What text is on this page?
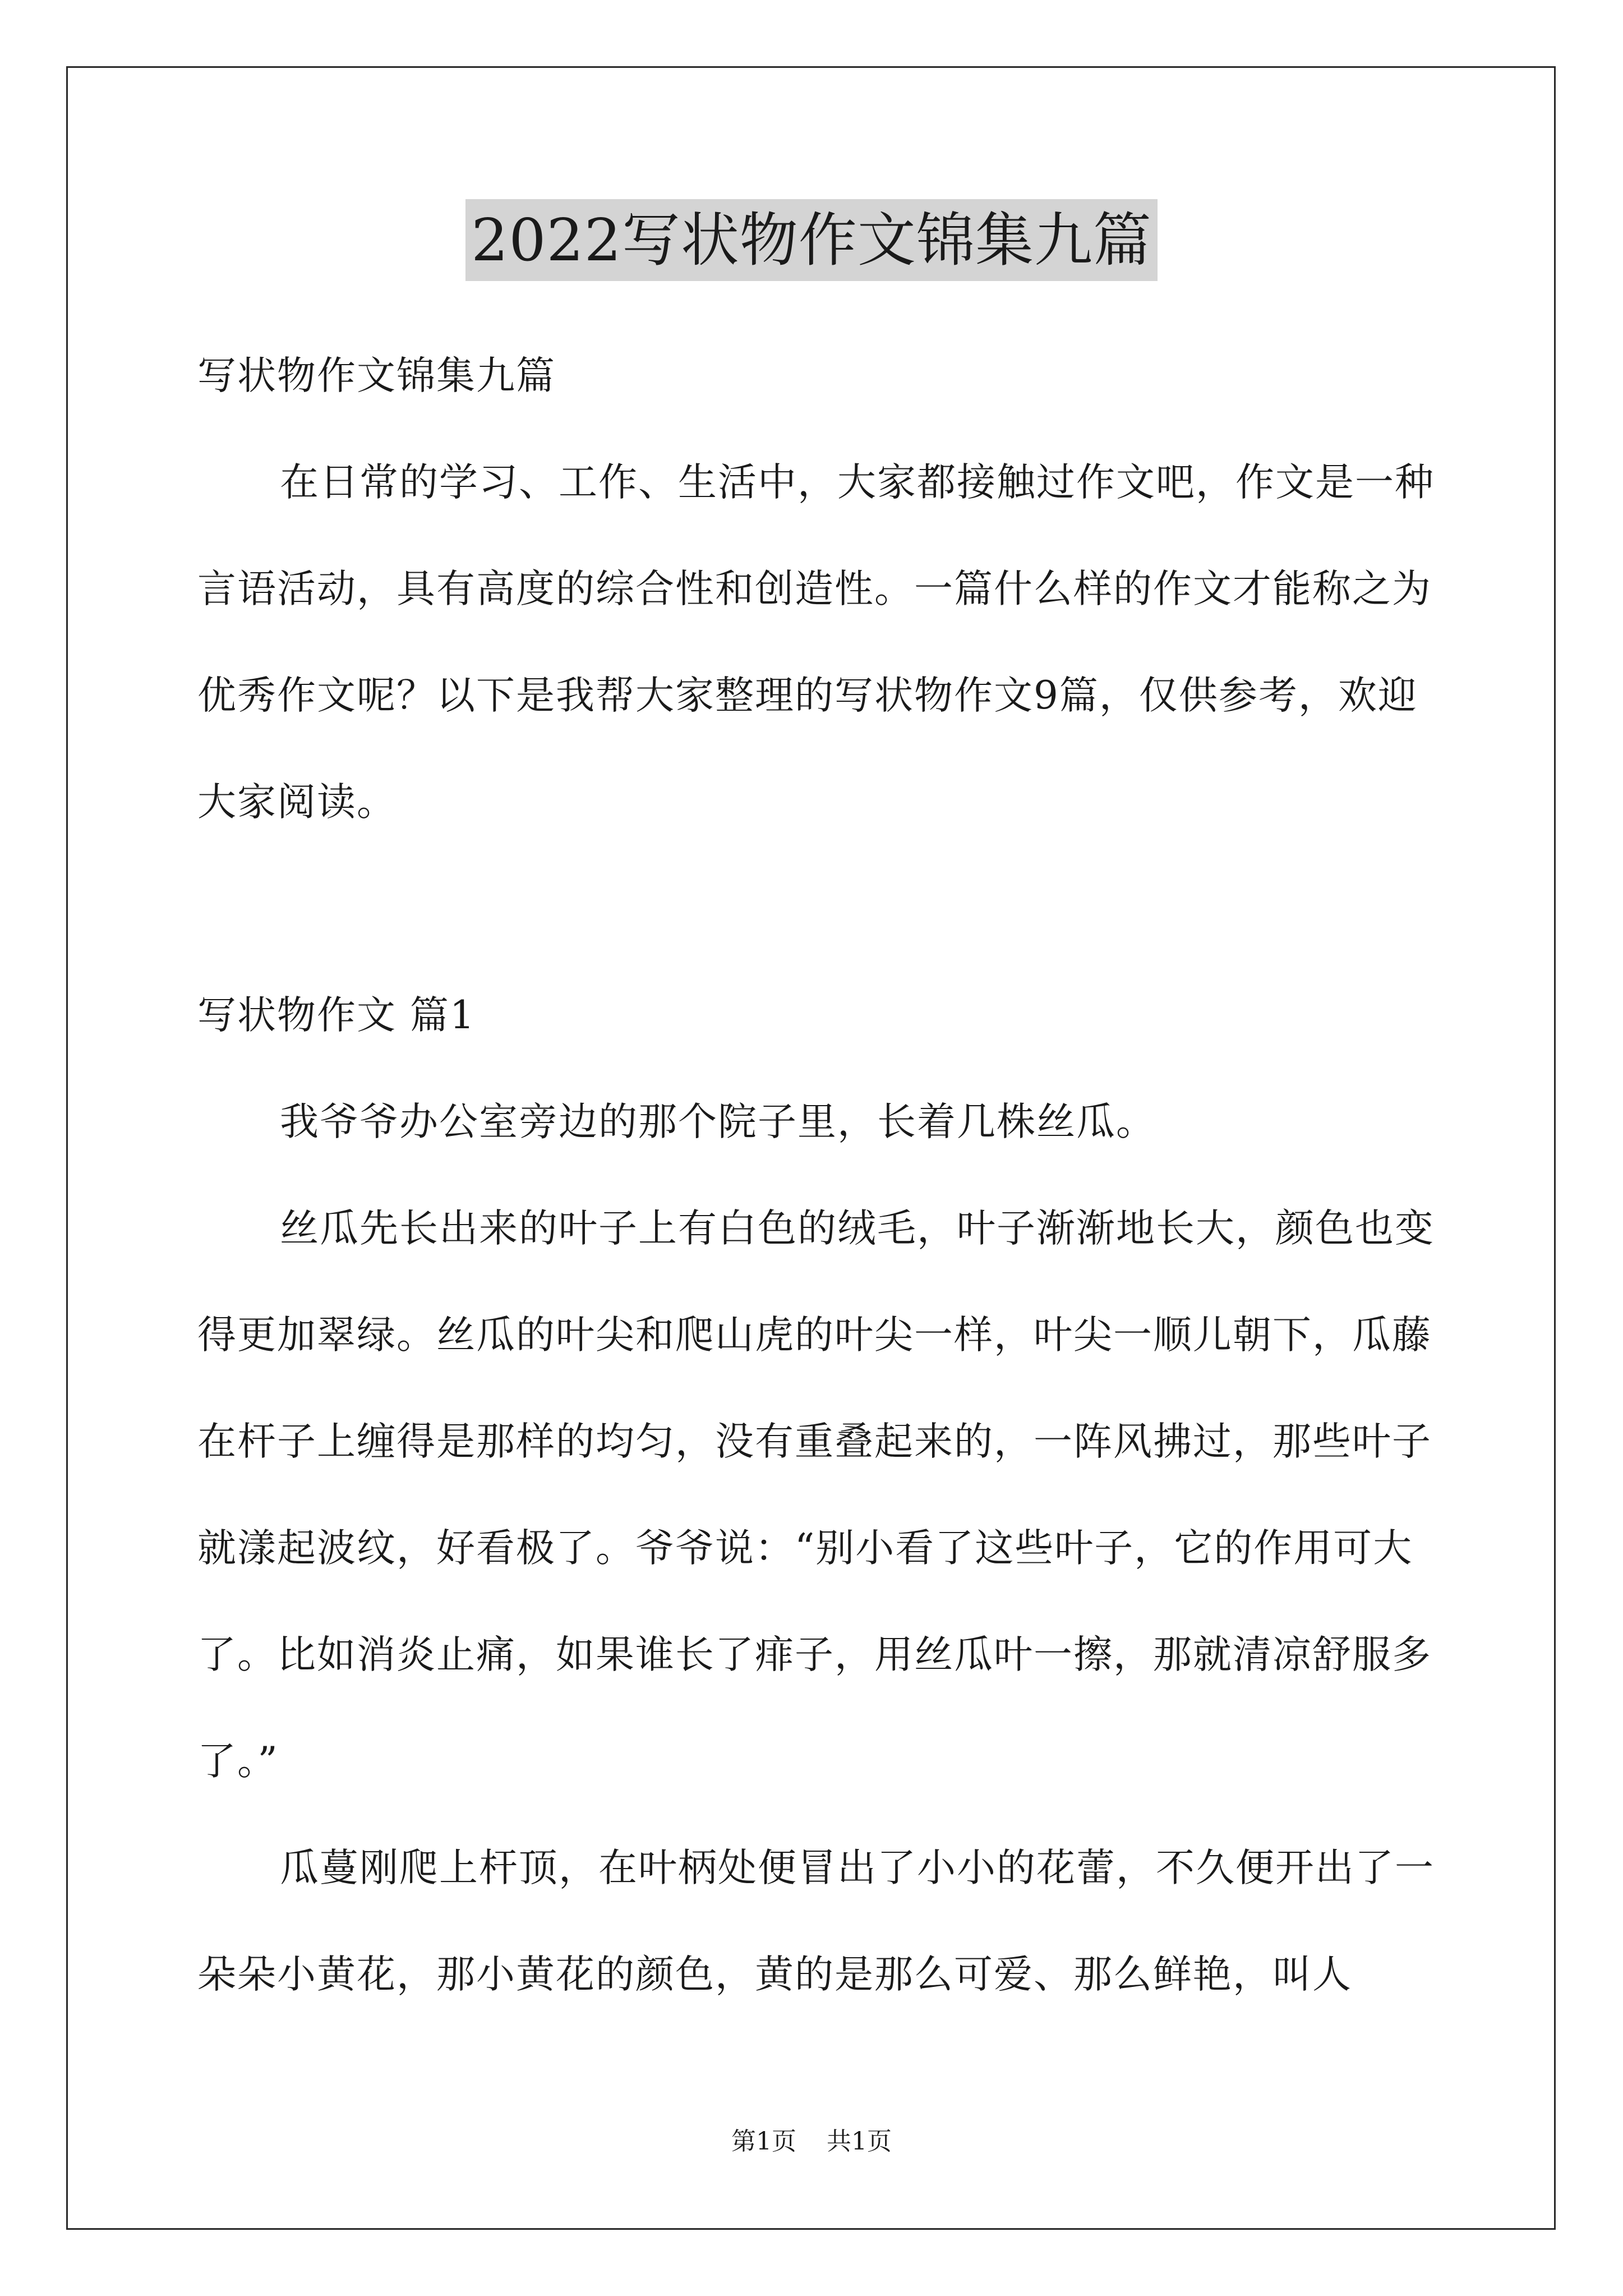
2022写状物作文锦集九篇

写状物作文锦集九篇

在日常的学习、工作、生活中，大家都接触过作文吧，作文是一种言语活动，具有高度的综合性和创造性。一篇什么样的作文才能称之为优秀作文呢？以下是我帮大家整理的写状物作文9篇，仅供参考，欢迎大家阅读。

写状物作文 篇1

我爷爷办公室旁边的那个院子里，长着几株丝瓜。

丝瓜先长出来的叶子上有白色的绒毛，叶子渐渐地长大，颜色也变得更加翠绿。丝瓜的叶尖和爬山虎的叶尖一样，叶尖一顺儿朝下，瓜藤在杆子上缠得是那样的均匀，没有重叠起来的，一阵风拂过，那些叶子就漾起波纹，好看极了。爷爷说：“别小看了这些叶子，它的作用可大了。比如消炎止痛，如果谁长了痱子，用丝瓜叶一擦，那就清凉舒服多了。”

瓜蔓刚爬上杆顶，在叶柄处便冒出了小小的花蕾，不久便开出了一朵朵小黄花，那小黄花的颜色，黄的是那么可爱、那么鲜艳，叫人

第1页 共1页
